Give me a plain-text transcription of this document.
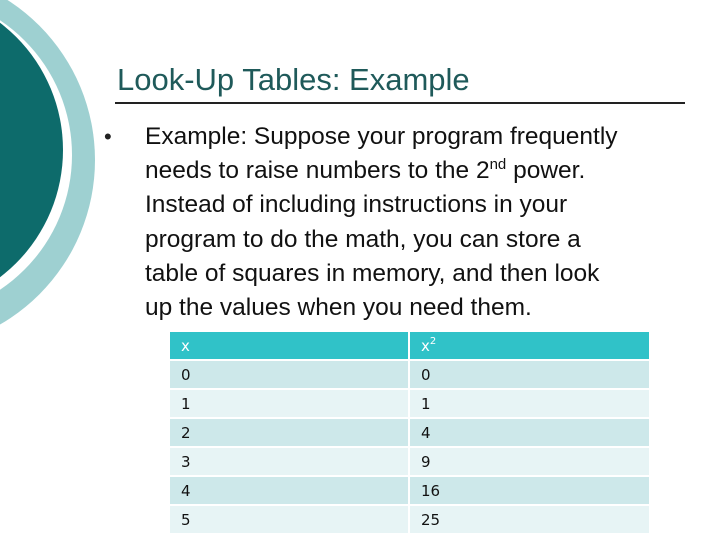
Look-Up Tables: Example
• Example: Suppose your program frequently
needs to raise numbers to the 2nd power.
Instead of including instructions in your
program to do the math, you can store a
table of squares in memory, and then look
up the values when you need them.
x	$x^2$
0	0
1	1
2	4
3	9
4	16
5	25
